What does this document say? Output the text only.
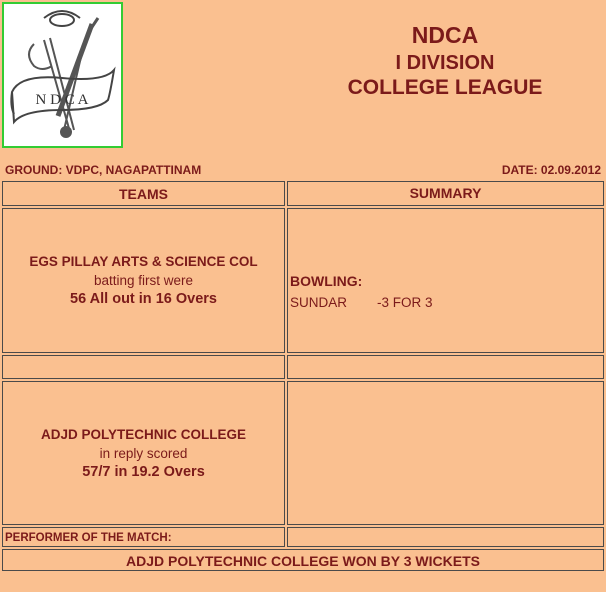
N D C A
NDCA
I DIVISION
COLLEGE LEAGUE
GROUND: VDPC, NAGAPATTINAM	DATE: 02.09.2012
TEAMS	SUMMARY
EGS PILLAY ARTS & SCIENCE COL
batting first were
56 All out in 16 Overs
BOWLING:
SUNDAR -3 FOR 3
ADJD POLYTECHNIC COLLEGE
in reply scored
57/7 in 19.2 Overs
PERFORMER OF THE MATCH:
ADJD POLYTECHNIC COLLEGE WON BY 3 WICKETS
